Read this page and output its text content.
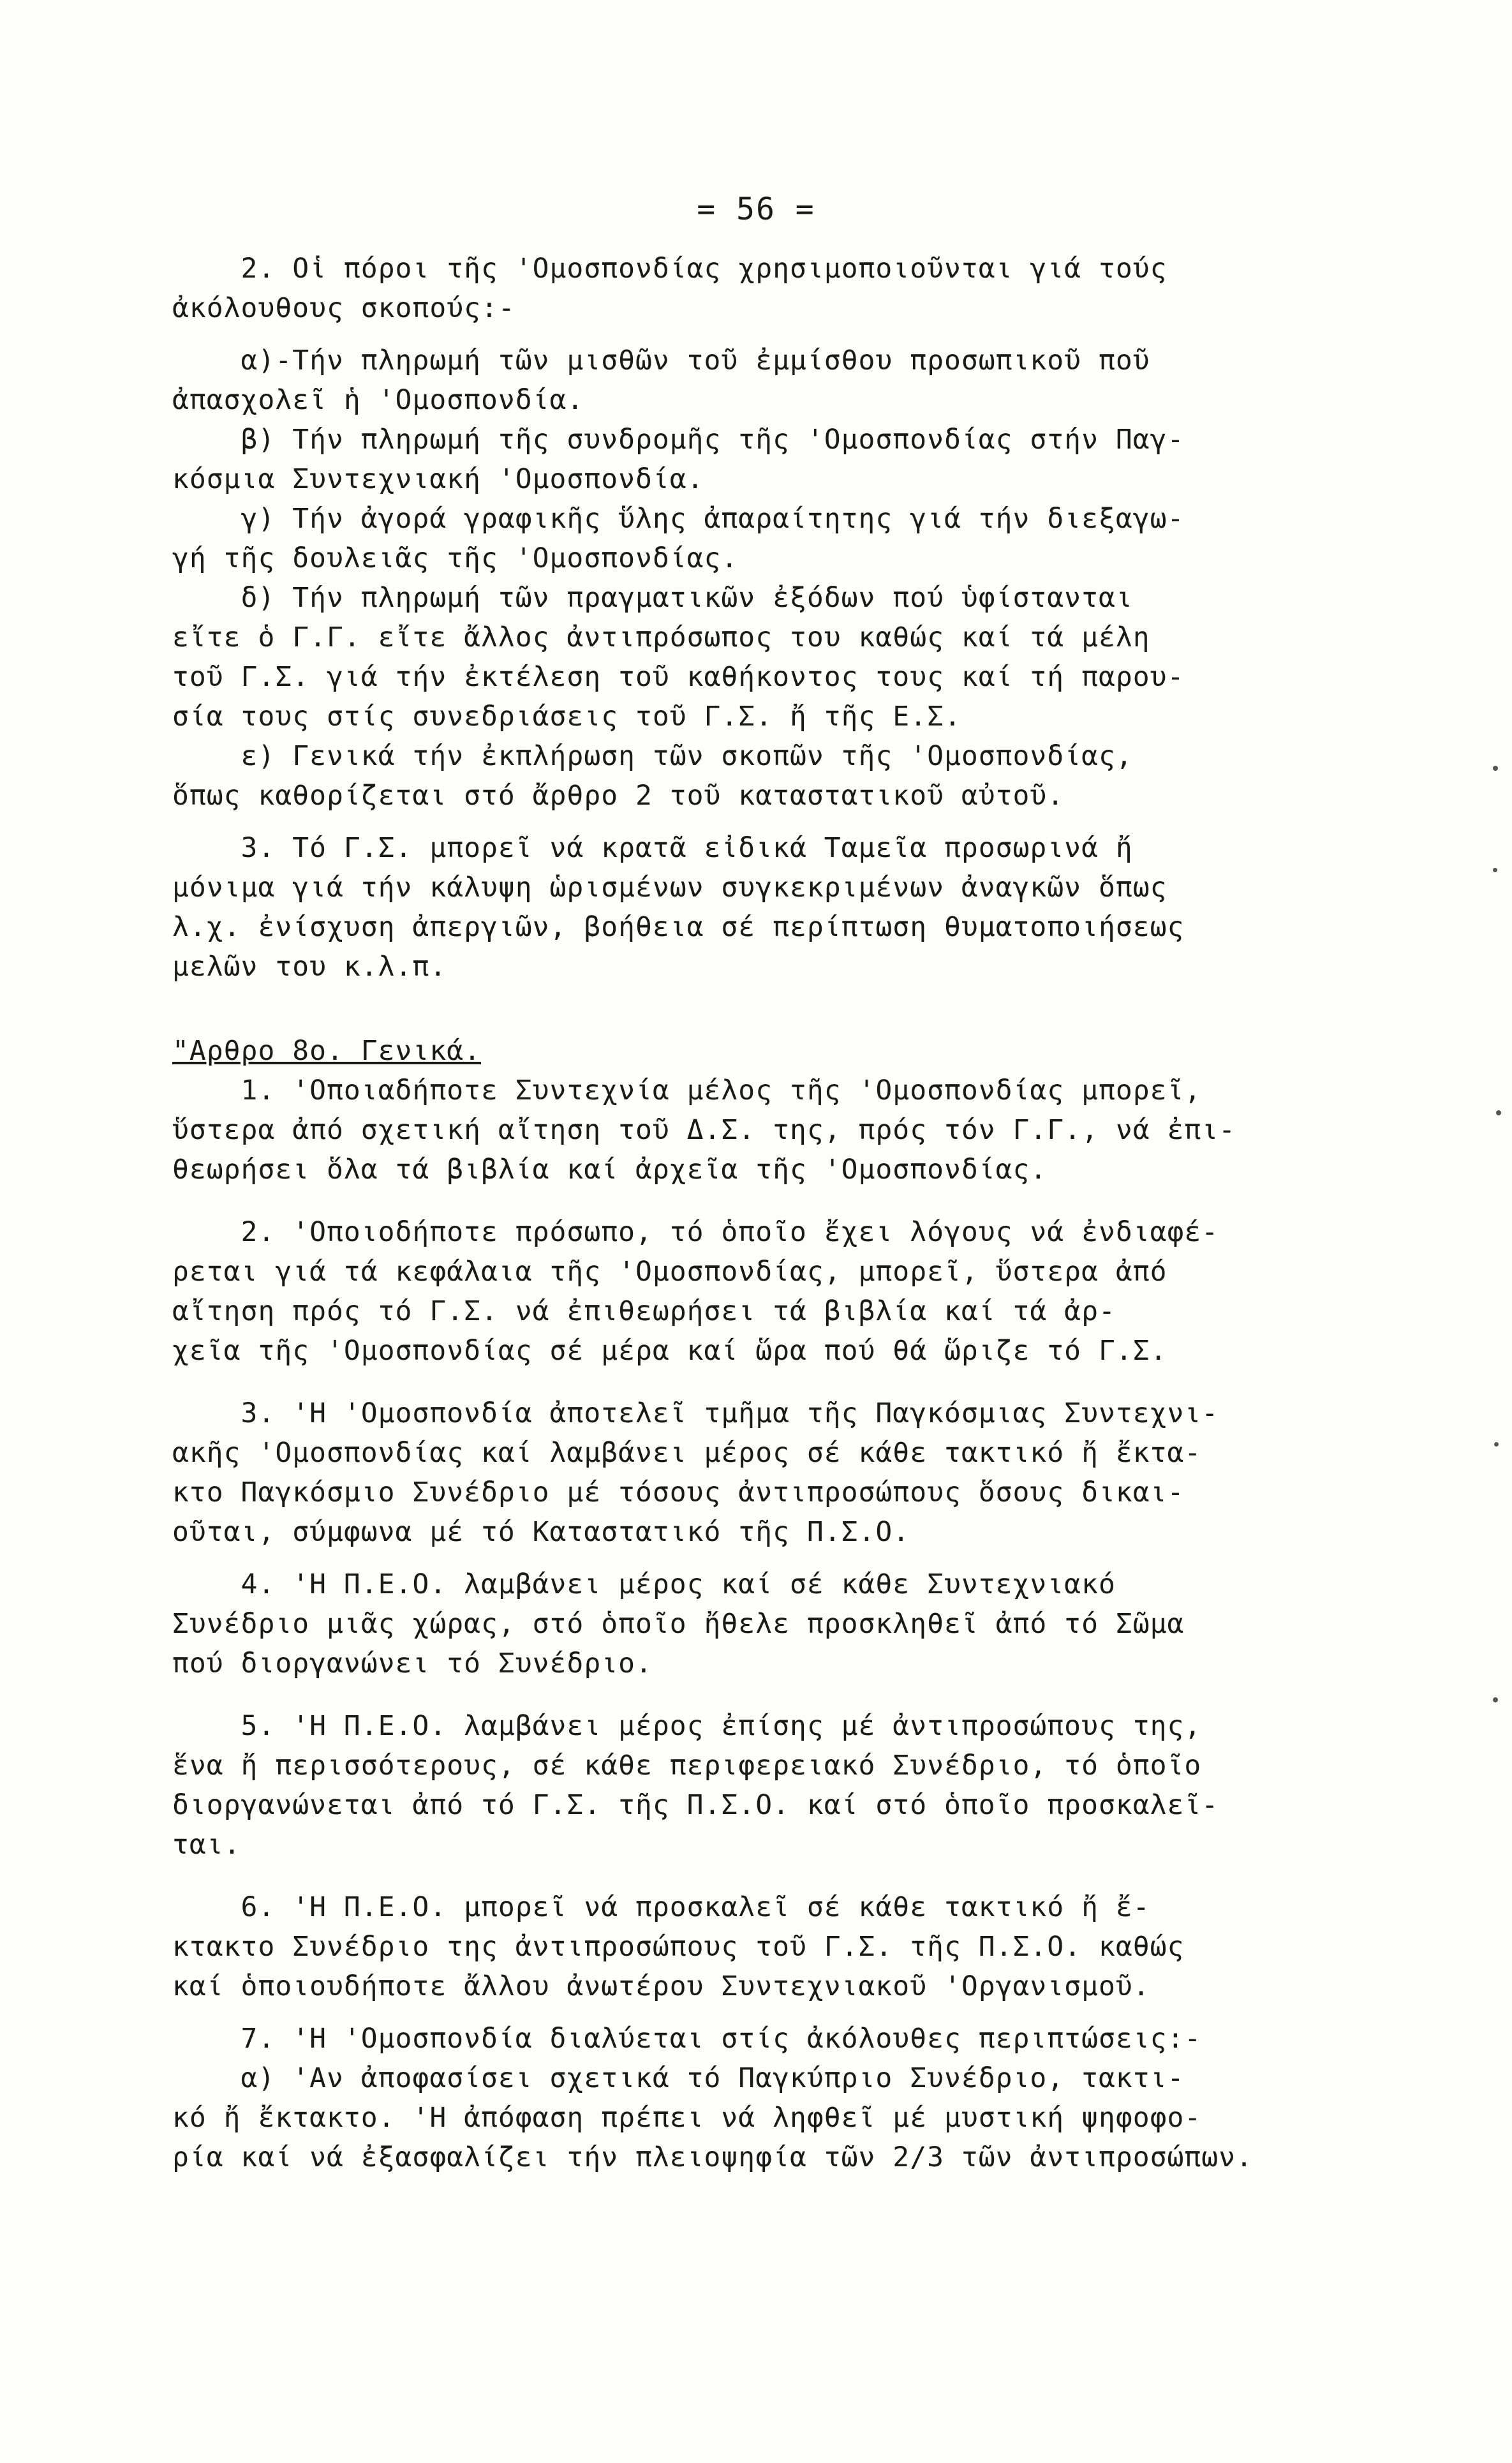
= 56 =
2. Οἱ πόροι τῆς 'Ομοσπονδίας χρησιμοποιοῦνται γιά τούς
ἀκόλουθους σκοπούς:-
α)-Τήν πληρωμή τῶν μισθῶν τοῦ ἐμμίσθου προσωπικοῦ ποῦ
ἀπασχολεῖ ἡ 'Ομοσπονδία.
β) Τήν πληρωμή τῆς συνδρομῆς τῆς 'Ομοσπονδίας στήν Παγ-
κόσμια Συντεχνιακή 'Ομοσπονδία.
γ) Τήν ἀγορά γραφικῆς ὕλης ἀπαραίτητης γιά τήν διεξαγω-
γή τῆς δουλειᾶς τῆς 'Ομοσπονδίας.
δ) Τήν πληρωμή τῶν πραγματικῶν ἐξόδων πού ὑφίστανται
εἴτε ὁ Γ.Γ. εἴτε ἄλλος ἀντιπρόσωπος του καθώς καί τά μέλη
τοῦ Γ.Σ. γιά τήν ἐκτέλεση τοῦ καθήκοντος τους καί τή παρου-
σία τους στίς συνεδριάσεις τοῦ Γ.Σ. ἤ τῆς Ε.Σ.
ε) Γενικά τήν ἐκπλήρωση τῶν σκοπῶν τῆς 'Ομοσπονδίας,
ὅπως καθορίζεται στό ἄρθρο 2 τοῦ καταστατικοῦ αὐτοῦ.
3. Τό Γ.Σ. μπορεῖ νά κρατᾶ εἰδικά Ταμεῖα προσωρινά ἤ
μόνιμα γιά τήν κάλυψη ὡρισμένων συγκεκριμένων ἀναγκῶν ὅπως
λ.χ. ἐνίσχυση ἀπεργιῶν, βοήθεια σέ περίπτωση θυματοποιήσεως
μελῶν του κ.λ.π.
"Αρθρο 8ο. Γενικά.
1. 'Οποιαδήποτε Συντεχνία μέλος τῆς 'Ομοσπονδίας μπορεῖ,
ὕστερα ἀπό σχετική αἴτηση τοῦ Δ.Σ. της, πρός τόν Γ.Γ., νά ἐπι-
θεωρήσει ὅλα τά βιβλία καί ἀρχεῖα τῆς 'Ομοσπονδίας.
2. 'Οποιοδήποτε πρόσωπο, τό ὁποῖο ἔχει λόγους νά ἐνδιαφέ-
ρεται γιά τά κεφάλαια τῆς 'Ομοσπονδίας, μπορεῖ, ὕστερα ἀπό
αἴτηση πρός τό Γ.Σ. νά ἐπιθεωρήσει τά βιβλία καί τά ἀρ-
χεῖα τῆς 'Ομοσπονδίας σέ μέρα καί ὥρα πού θά ὥριζε τό Γ.Σ.
3. 'Η 'Ομοσπονδία ἀποτελεῖ τμῆμα τῆς Παγκόσμιας Συντεχνι-
ακῆς 'Ομοσπονδίας καί λαμβάνει μέρος σέ κάθε τακτικό ἤ ἔκτα-
κτο Παγκόσμιο Συνέδριο μέ τόσους ἀντιπροσώπους ὅσους δικαι-
οῦται, σύμφωνα μέ τό Καταστατικό τῆς Π.Σ.Ο.
4. 'Η Π.Ε.Ο. λαμβάνει μέρος καί σέ κάθε Συντεχνιακό
Συνέδριο μιᾶς χώρας, στό ὁποῖο ἤθελε προσκληθεῖ ἀπό τό Σῶμα
πού διοργανώνει τό Συνέδριο.
5. 'Η Π.Ε.Ο. λαμβάνει μέρος ἐπίσης μέ ἀντιπροσώπους της,
ἕνα ἤ περισσότερους, σέ κάθε περιφερειακό Συνέδριο, τό ὁποῖο
διοργανώνεται ἀπό τό Γ.Σ. τῆς Π.Σ.Ο. καί στό ὁποῖο προσκαλεῖ-
ται.
6. 'Η Π.Ε.Ο. μπορεῖ νά προσκαλεῖ σέ κάθε τακτικό ἤ ἔ-
κτακτο Συνέδριο της ἀντιπροσώπους τοῦ Γ.Σ. τῆς Π.Σ.Ο. καθώς
καί ὁποιουδήποτε ἄλλου ἀνωτέρου Συντεχνιακοῦ 'Οργανισμοῦ.
7. 'Η 'Ομοσπονδία διαλύεται στίς ἀκόλουθες περιπτώσεις:-
α) 'Αν ἀποφασίσει σχετικά τό Παγκύπριο Συνέδριο, τακτι-
κό ἤ ἔκτακτο. 'Η ἀπόφαση πρέπει νά ληφθεῖ μέ μυστική ψηφοφο-
ρία καί νά ἐξασφαλίζει τήν πλειοψηφία τῶν 2/3 τῶν ἀντιπροσώπων.
